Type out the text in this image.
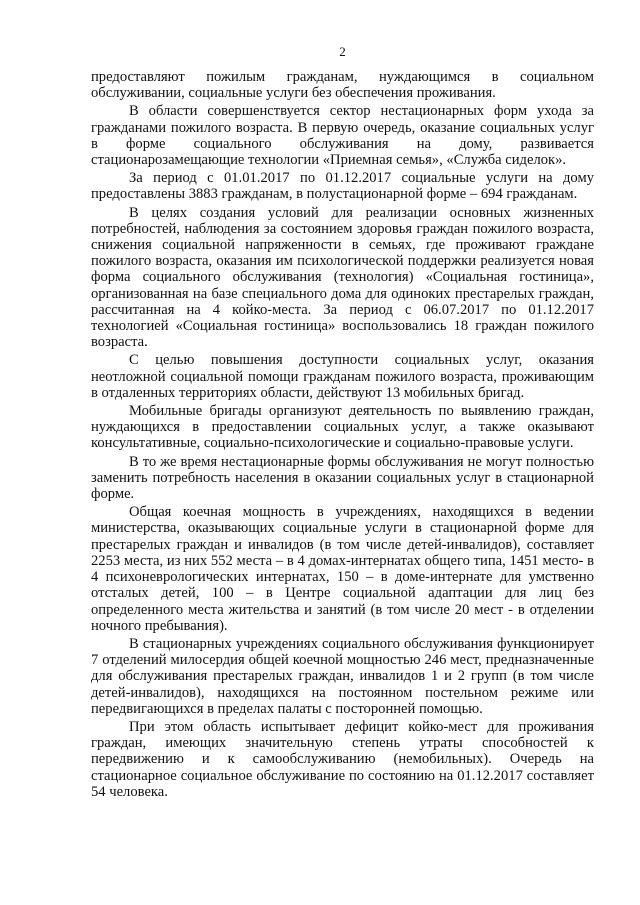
2

предоставляют пожилым гражданам, нуждающимся в социальном обслуживании, социальные услуги без обеспечения проживания.

В области совершенствуется сектор нестационарных форм ухода за гражданами пожилого возраста. В первую очередь, оказание социальных услуг в форме социального обслуживания на дому, развивается стационарозамещающие технологии «Приемная семья», «Служба сиделок».

За период с 01.01.2017 по 01.12.2017 социальные услуги на дому предоставлены 3883 гражданам, в полустационарной форме – 694 гражданам.

В целях создания условий для реализации основных жизненных потребностей, наблюдения за состоянием здоровья граждан пожилого возраста, снижения социальной напряженности в семьях, где проживают граждане пожилого возраста, оказания им психологической поддержки реализуется новая форма социального обслуживания (технология) «Социальная гостиница», организованная на базе специального дома для одиноких престарелых граждан, рассчитанная на 4 койко-места. За период с 06.07.2017 по 01.12.2017 технологией «Социальная гостиница» воспользовались 18 граждан пожилого возраста.

С целью повышения доступности социальных услуг, оказания неотложной социальной помощи гражданам пожилого возраста, проживающим в отдаленных территориях области, действуют 13 мобильных бригад.

Мобильные бригады организуют деятельность по выявлению граждан, нуждающихся в предоставлении социальных услуг, а также оказывают консультативные, социально-психологические и социально-правовые услуги.

В то же время нестационарные формы обслуживания не могут полностью заменить потребность населения в оказании социальных услуг в стационарной форме.

Общая коечная мощность в учреждениях, находящихся в ведении министерства, оказывающих социальные услуги в стационарной форме для престарелых граждан и инвалидов (в том числе детей-инвалидов), составляет 2253 места, из них 552 места – в 4 домах-интернатах общего типа, 1451 место- в 4 психоневрологических интернатах, 150 – в доме-интернате для умственно отсталых детей, 100 – в Центре социальной адаптации для лиц без определенного места жительства и занятий (в том числе 20 мест - в отделении ночного пребывания).

В стационарных учреждениях социального обслуживания функционирует 7 отделений милосердия общей коечной мощностью 246 мест, предназначенные для обслуживания престарелых граждан, инвалидов 1 и 2 групп (в том числе детей-инвалидов), находящихся на постоянном постельном режиме или передвигающихся в пределах палаты с посторонней помощью.

При этом область испытывает дефицит койко-мест для проживания граждан, имеющих значительную степень утраты способностей к передвижению и к самообслуживанию (немобильных). Очередь на стационарное социальное обслуживание по состоянию на 01.12.2017 составляет 54 человека.
